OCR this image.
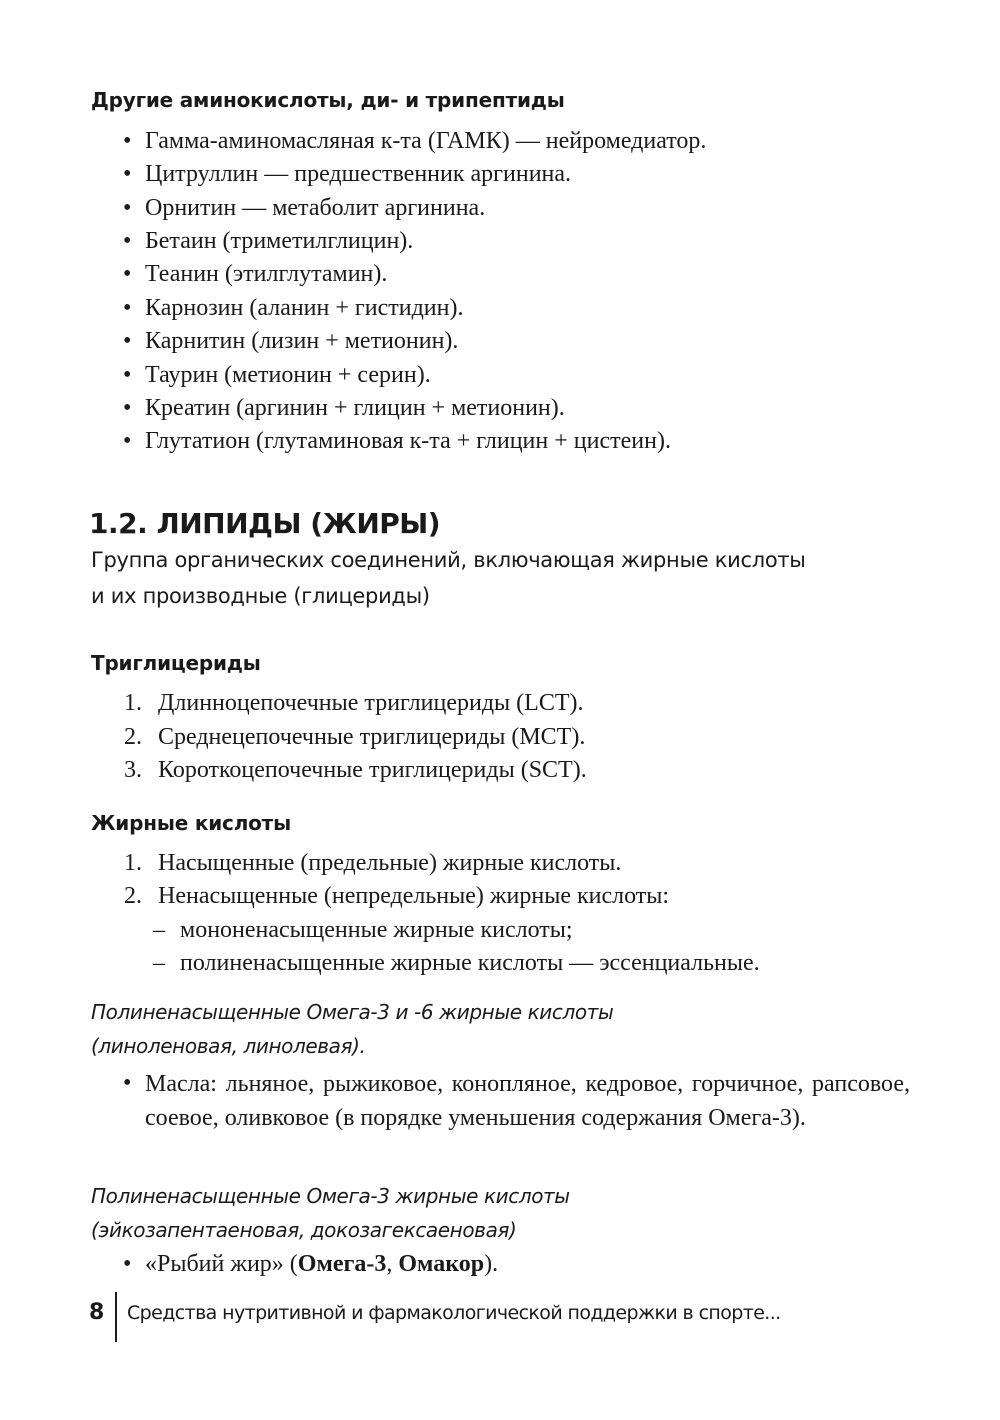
Другие аминокислоты, ди- и трипептиды
• Гамма-аминомасляная к-та (ГАМК) — нейромедиатор.
• Цитруллин — предшественник аргинина.
• Орнитин — метаболит аргинина.
• Бетаин (триметилглицин).
• Теанин (этилглутамин).
• Карнозин (аланин + гистидин).
• Карнитин (лизин + метионин).
• Таурин (метионин + серин).
• Креатин (аргинин + глицин + метионин).
• Глутатион (глутаминовая к-та + глицин + цистеин).
1.2. ЛИПИДЫ (ЖИРЫ)
Группа органических соединений, включающая жирные кислоты
и их производные (глицериды)
Триглицериды
1. Длинноцепочечные триглицериды (LCT).
2. Среднецепочечные триглицериды (MCT).
3. Короткоцепочечные триглицериды (SCT).
Жирные кислоты
1. Насыщенные (предельные) жирные кислоты.
2. Ненасыщенные (непредельные) жирные кислоты:
– мононенасыщенные жирные кислоты;
– полиненасыщенные жирные кислоты — эссенциальные.
Полиненасыщенные Омега-3 и -6 жирные кислоты
(линоленовая, линолевая).
• Масла: льняное, рыжиковое, конопляное, кедровое, горчичное, рапсовое, соевое, оливковое (в порядке уменьшения содержания Омега-3).
Полиненасыщенные Омега-3 жирные кислоты
(эйкозапентаеновая, докозагексаеновая)
• «Рыбий жир» (Омега-3, Омакор).
8 Средства нутритивной и фармакологической поддержки в спорте...
